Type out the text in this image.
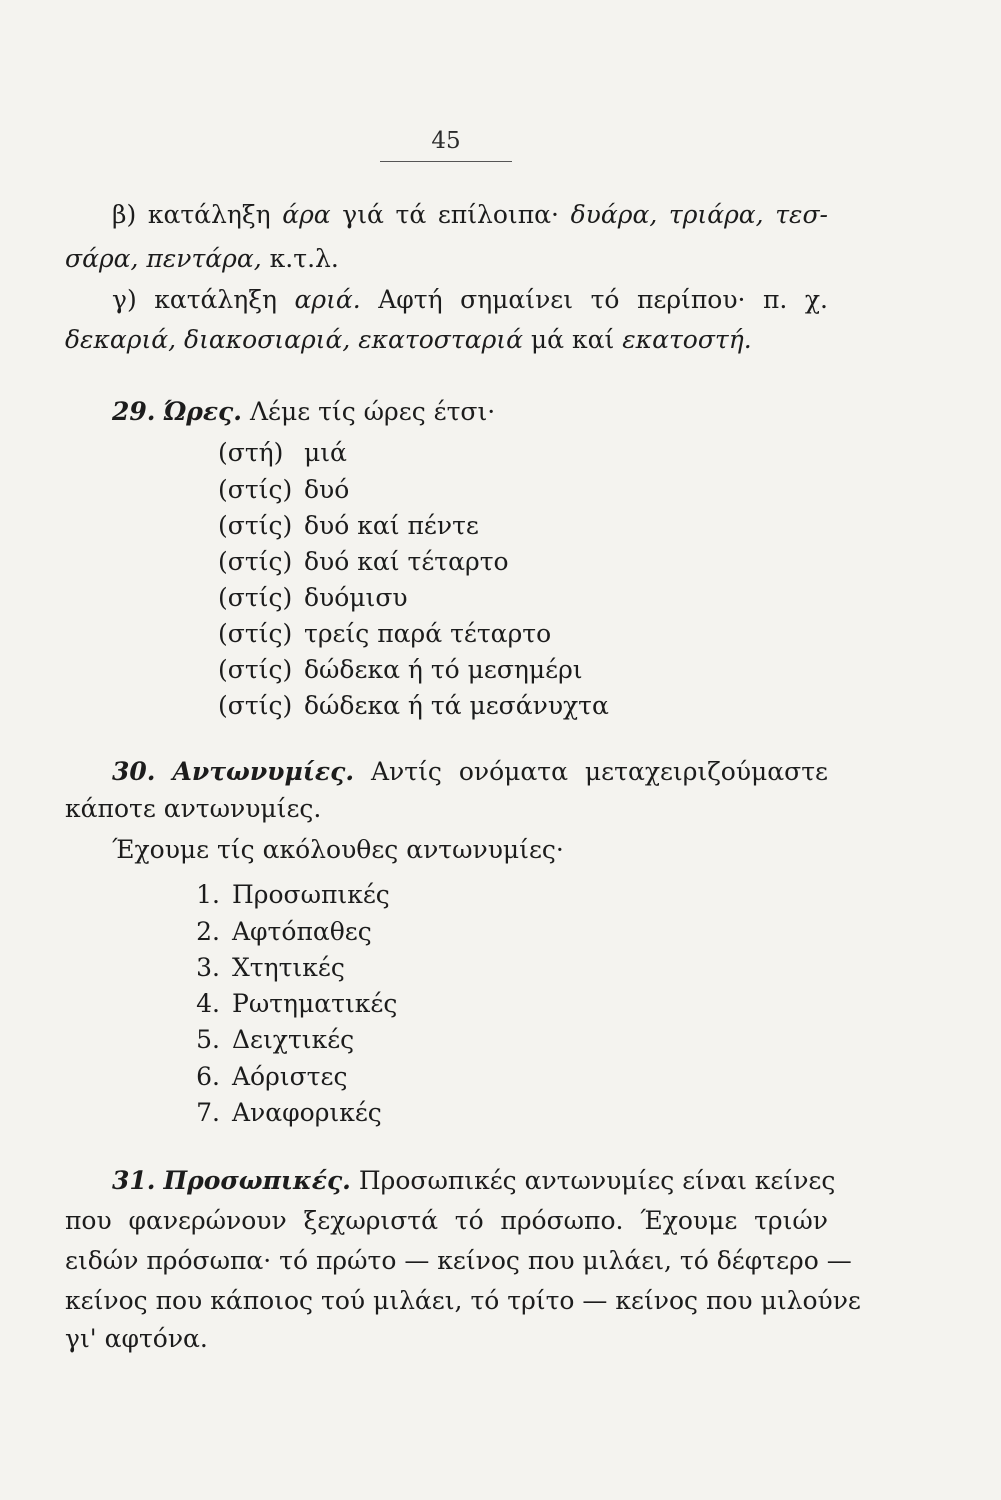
45
β) κατάληξη άρα γιά τά επίλοιπα· δυάρα, τριάρα, τεσ-
σάρα, πεντάρα, κ.τ.λ.
γ) κατάληξη αριά. Αφτή σημαίνει τό περίπου· π. χ.
δεκαριά, διακοσιαριά, εκατοσταριά μά καί εκατοστή.
29. Ώρες. Λέμε τίς ώρες έτσι·
(στή) μιά
(στίς) δυό
(στίς) δυό καί πέντε
(στίς) δυό καί τέταρτο
(στίς) δυόμισυ
(στίς) τρείς παρά τέταρτο
(στίς) δώδεκα ή τό μεσημέρι
(στίς) δώδεκα ή τά μεσάνυχτα
30. Αντωνυμίες. Αντίς ονόματα μεταχειριζούμαστε
κάποτε αντωνυμίες.
Έχουμε τίς ακόλουθες αντωνυμίες·
1. Προσωπικές
2. Αφτόπαθες
3. Χτητικές
4. Ρωτηματικές
5. Δειχτικές
6. Αόριστες
7. Αναφορικές
31. Προσωπικές. Προσωπικές αντωνυμίες είναι κείνες
που φανερώνουν ξεχωριστά τό πρόσωπο. Έχουμε τριών
ειδών πρόσωπα· τό πρώτο — κείνος που μιλάει, τό δέφτερο —
κείνος που κάποιος τού μιλάει, τό τρίτο — κείνος που μιλούνε
γι' αφτόνα.
